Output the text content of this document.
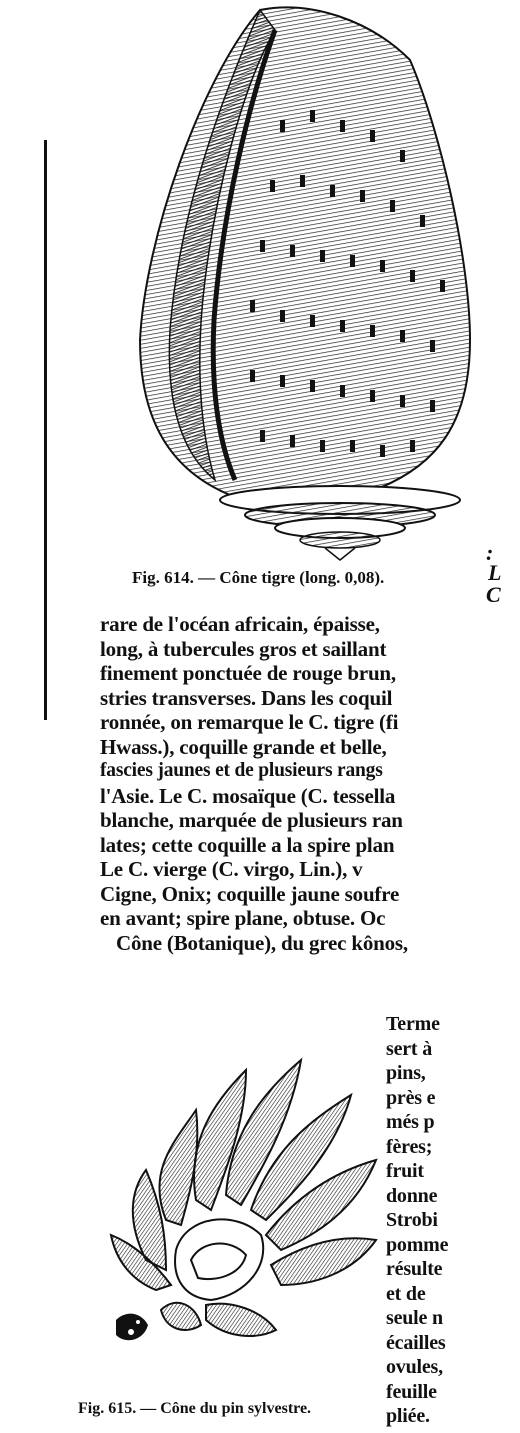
Fig. 614. — Cône tigre (long. 0,08).
:
L
C
rare de l'océan africain, épaisse,
long, à tubercules gros et saillant
finement ponctuée de rouge brun,
stries transverses. Dans les coquil
ronnée, on remarque le C. tigre (fi
Hwass.), coquille grande et belle,
fascies jaunes et de plusieurs rangs
l'Asie. Le C. mosaïque (C. tessella
blanche, marquée de plusieurs ran
lates; cette coquille a la spire plan
Le C. vierge (C. virgo, Lin.), v
Cigne, Onix; coquille jaune soufre
en avant; spire plane, obtuse. Oc
Cône (Botanique), du grec kônos,
Terme
sert à
pins,
près e
més p
fères;
fruit
donne
Strobi
pomme
résulte
et de
seule n
écailles
ovules,
feuille
pliée.
Fig. 615. — Cône du pin sylvestre.
